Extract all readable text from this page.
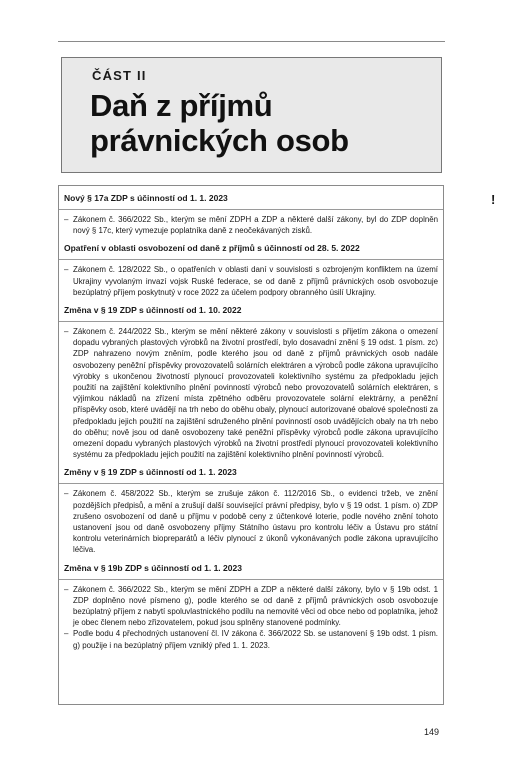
ČÁST II
Daň z příjmů právnických osob
!
Nový § 17a ZDP s účinností od 1. 1. 2023
– Zákonem č. 366/2022 Sb., kterým se mění ZDPH a ZDP a některé další zákony, byl do ZDP doplněn nový § 17c, který vymezuje poplatníka daně z neočekávaných zisků.
Opatření v oblasti osvobození od daně z příjmů s účinností od 28. 5. 2022
– Zákonem č. 128/2022 Sb., o opatřeních v oblasti daní v souvislosti s ozbrojeným konfliktem na území Ukrajiny vyvolaným invazí vojsk Ruské federace, se od daně z příjmů právnických osob osvobozuje bezúplatný příjem poskytnutý v roce 2022 za účelem podpory obranného úsilí Ukrajiny.
Změna v § 19 ZDP s účinností od 1. 10. 2022
– Zákonem č. 244/2022 Sb., kterým se mění některé zákony v souvislosti s přijetím zákona o omezení dopadu vybraných plastových výrobků na životní prostředí, bylo dosavadní znění § 19 odst. 1 písm. zc) ZDP nahrazeno novým zněním, podle kterého jsou od daně z příjmů právnických osob nadále osvobozeny peněžní příspěvky provozovatelů solárních elektráren a výrobců podle zákona upravujícího výrobky s ukončenou životností plynoucí provozovateli kolektivního systému za předpokladu jejich použití na zajištění kolektivního plnění povinností výrobců nebo provozovatelů solárních elektráren, s výjimkou nákladů na zřízení místa zpětného odběru provozovatele solární elektrárny, a peněžní příspěvky osob, které uvádějí na trh nebo do oběhu obaly, plynoucí autorizované obalové společnosti za předpokladu jejich použití na zajištění sdruženého plnění povinností osob uvádějících obaly na trh nebo do oběhu; nově jsou od daně osvobozeny také peněžní příspěvky výrobců podle zákona upravujícího omezení dopadu vybraných plastových výrobků na životní prostředí plynoucí provozovateli kolektivního systému za předpokladu jejich použití na zajištění kolektivního plnění povinností výrobců.
Změny v § 19 ZDP s účinností od 1. 1. 2023
– Zákonem č. 458/2022 Sb., kterým se zrušuje zákon č. 112/2016 Sb., o evidenci tržeb, ve znění pozdějších předpisů, a mění a zrušují další související právní předpisy, bylo v § 19 odst. 1 písm. o) ZDP zrušeno osvobození od daně u příjmu v podobě ceny z účtenkové loterie, podle nového znění tohoto ustanovení jsou od daně osvobozeny příjmy Státního ústavu pro kontrolu léčiv a Ústavu pro státní kontrolu veterinárních biopreparátů a léčiv plynoucí z úkonů vykonávaných podle zákona upravujícího léčiva.
Změna v § 19b ZDP s účinností od 1. 1. 2023
– Zákonem č. 366/2022 Sb., kterým se mění ZDPH a ZDP a některé další zákony, bylo v § 19b odst. 1 ZDP doplněno nové písmeno g), podle kterého se od daně z příjmů právnických osob osvobozuje bezúplatný příjem z nabytí spoluvlastnického podílu na nemovité věci od obce nebo od poplatníka, jehož je obec členem nebo zřizovatelem, pokud jsou splněny stanovené podmínky.
– Podle bodu 4 přechodných ustanovení čl. IV zákona č. 366/2022 Sb. se ustanovení § 19b odst. 1 písm. g) použije i na bezúplatný příjem vzniklý před 1. 1. 2023.
149
